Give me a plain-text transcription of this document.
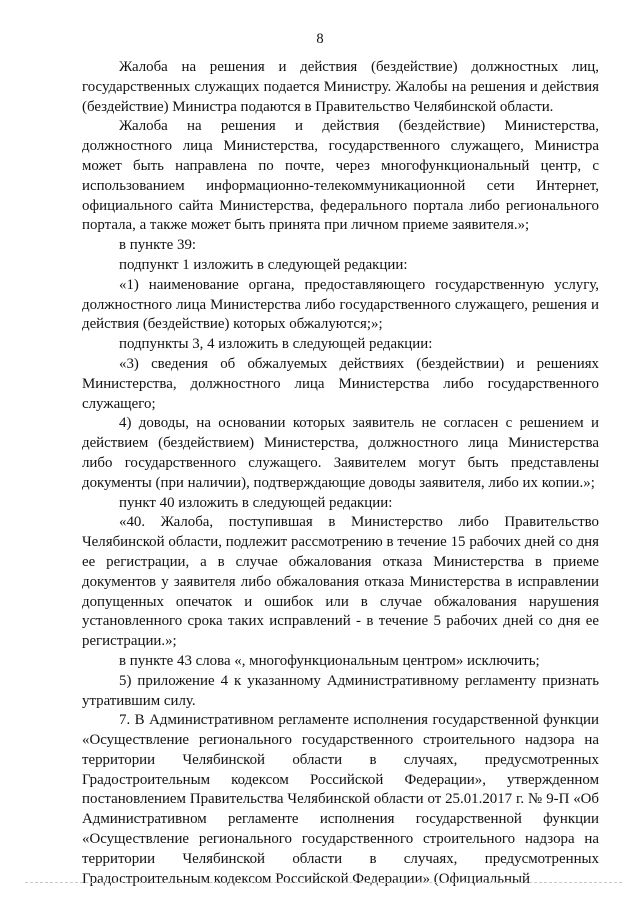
8

Жалоба на решения и действия (бездействие) должностных лиц, государственных служащих подается Министру. Жалобы на решения и действия (бездействие) Министра подаются в Правительство Челябинской области.

Жалоба на решения и действия (бездействие) Министерства, должностного лица Министерства, государственного служащего, Министра может быть направлена по почте, через многофункциональный центр, с использованием информационно-телекоммуникационной сети Интернет, официального сайта Министерства, федерального портала либо регионального портала, а также может быть принята при личном приеме заявителя.»;

в пункте 39:

подпункт 1 изложить в следующей редакции:

«1) наименование органа, предоставляющего государственную услугу, должностного лица Министерства либо государственного служащего, решения и действия (бездействие) которых обжалуются;»;

подпункты 3, 4 изложить в следующей редакции:

«3) сведения об обжалуемых действиях (бездействии) и решениях Министерства, должностного лица Министерства либо государственного служащего;

4) доводы, на основании которых заявитель не согласен с решением и действием (бездействием) Министерства, должностного лица Министерства либо государственного служащего. Заявителем могут быть представлены документы (при наличии), подтверждающие доводы заявителя, либо их копии.»;

пункт 40 изложить в следующей редакции:

«40. Жалоба, поступившая в Министерство либо Правительство Челябинской области, подлежит рассмотрению в течение 15 рабочих дней со дня ее регистрации, а в случае обжалования отказа Министерства в приеме документов у заявителя либо обжалования отказа Министерства в исправлении допущенных опечаток и ошибок или в случае обжалования нарушения установленного срока таких исправлений - в течение 5 рабочих дней со дня ее регистрации.»;

в пункте 43 слова «, многофункциональным центром» исключить;

5) приложение 4 к указанному Административному регламенту признать утратившим силу.

7. В Административном регламенте исполнения государственной функции «Осуществление регионального государственного строительного надзора на территории Челябинской области в случаях, предусмотренных Градостроительным кодексом Российской Федерации», утвержденном постановлением Правительства Челябинской области от 25.01.2017 г. № 9-П «Об Административном регламенте исполнения государственной функции «Осуществление регионального государственного строительного надзора на территории Челябинской области в случаях, предусмотренных Градостроительным кодексом Российской Федерации» (Официальный
